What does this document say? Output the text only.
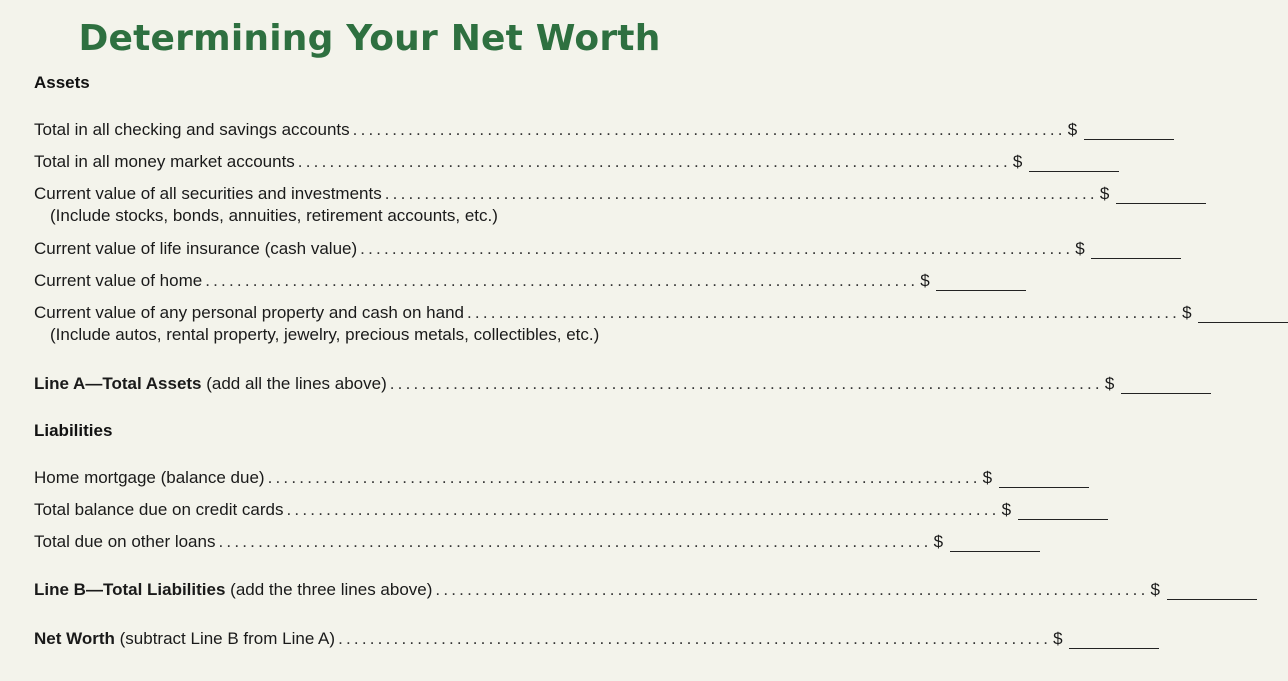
Determining Your Net Worth
Assets
Total in all checking and savings accounts .......................................................................................... $
Total in all money market accounts .......................................................................................... $
Current value of all securities and investments .......................................................................................... $
(Include stocks, bonds, annuities, retirement accounts, etc.)
Current value of life insurance (cash value) .......................................................................................... $
Current value of home .......................................................................................... $
Current value of any personal property and cash on hand .......................................................................................... $
(Include autos, rental property, jewelry, precious metals, collectibles, etc.)
Line A—Total Assets (add all the lines above) .......................................................................................... $
Liabilities
Home mortgage (balance due) .......................................................................................... $
Total balance due on credit cards .......................................................................................... $
Total due on other loans .......................................................................................... $
Line B—Total Liabilities (add the three lines above) .......................................................................................... $
Net Worth (subtract Line B from Line A) .......................................................................................... $
